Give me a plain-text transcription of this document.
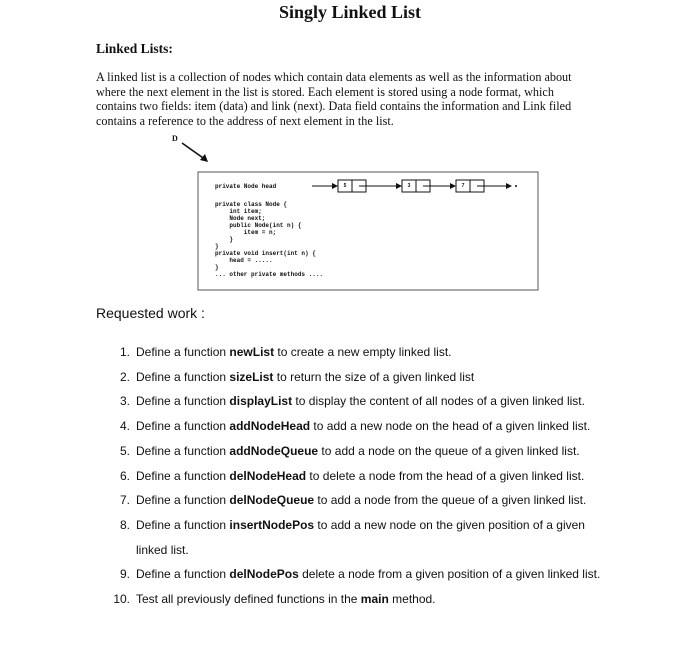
Singly Linked List
Linked Lists:

A linked list is a collection of nodes which contain data elements as well as the information about where the next element in the list is stored. Each element is stored using a node format, which contains two fields: item (data) and link (next). Data field contains the information and Link filed contains a reference to the address of next element in the list.

D
5	3	7
private Node head
private class Node {
int item;
Node next;
public Node(int n) {
item = n;
}
}
private void insert(int n) {
head = .....
}
... other private methods ....
Requested work :
1. Define a function newList to create a new empty linked list.
2. Define a function sizeList to return the size of a given linked list
3. Define a function displayList to display the content of all nodes of a given linked list.
4. Define a function addNodeHead to add a new node on the head of a given linked list.
5. Define a function addNodeQueue to add a node on the queue of a given linked list.
6. Define a function delNodeHead to delete a node from the head of a given linked list.
7. Define a function delNodeQueue to add a node from the queue of a given linked list.
8. Define a function insertNodePos to add a new node on the given position of a given linked list.
9. Define a function delNodePos delete a node from a given position of a given linked list.
10. Test all previously defined functions in the main method.
